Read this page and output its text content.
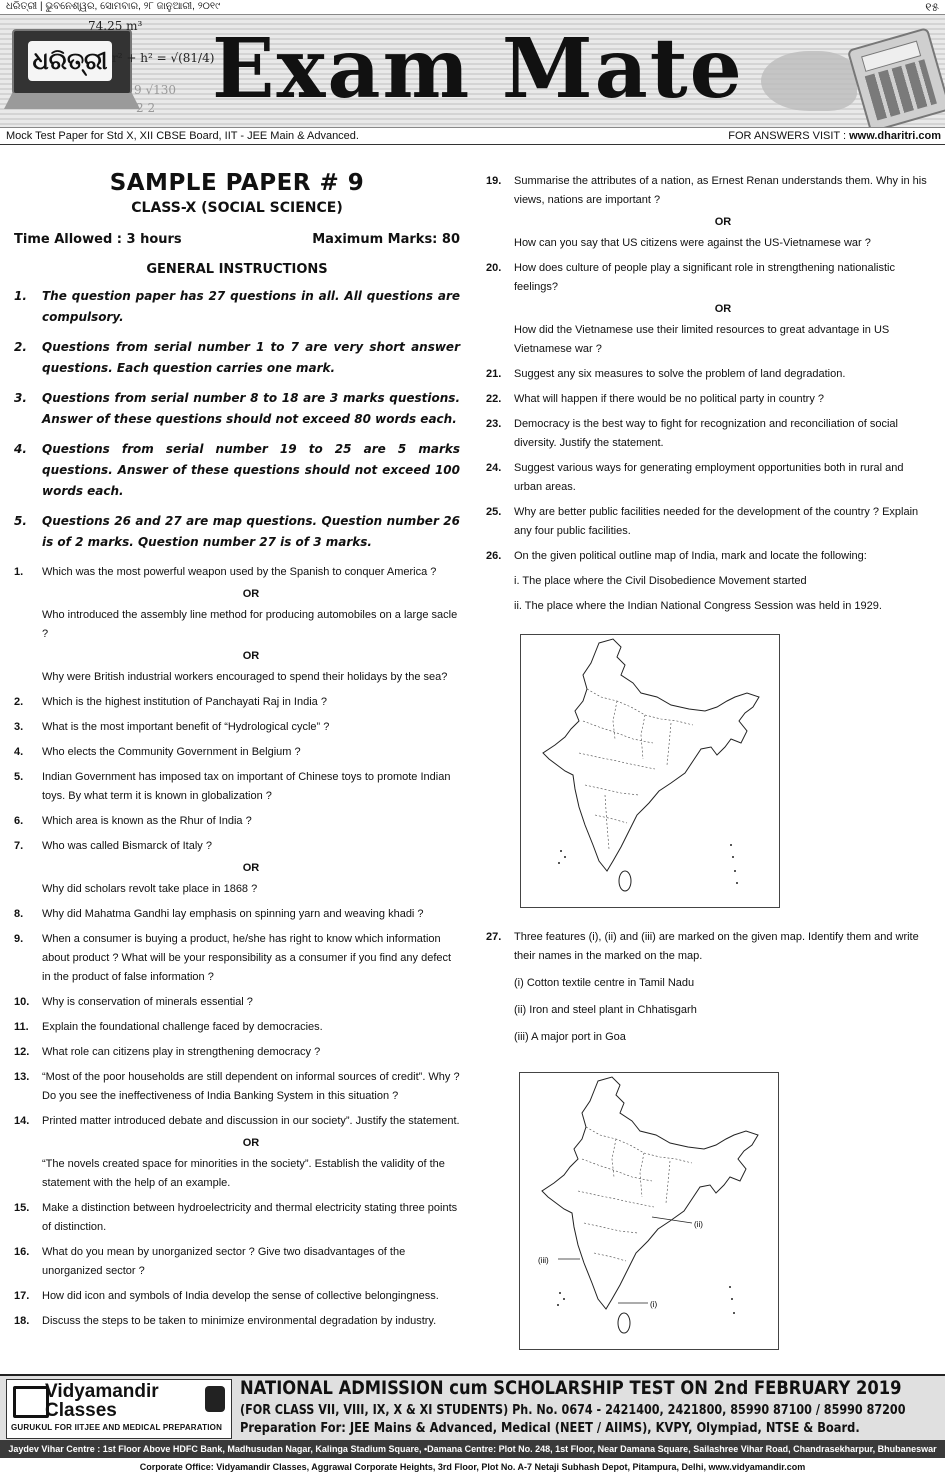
ଧରିତ୍ରୀ | ଭୁବନେଶ୍ୱର, ସୋମବାର, ୨୮ ଜାନୁଆରୀ, ୨୦୧୯	୧୫
ଧରିତ୍ରୀ
74.25 m³
r² + h² = √(81/4)
9 √130
2 2 Exam Mate
Mock Test Paper for Std X, XII CBSE Board, IIT - JEE Main & Advanced.	FOR ANSWERS VISIT : www.dharitri.com
SAMPLE PAPER # 9
CLASS-X (SOCIAL SCIENCE)
Time Allowed : 3 hours	Maximum Marks: 80
GENERAL INSTRUCTIONS
1.	The question paper has 27 questions in all. All questions are compulsory.
2.	Questions from serial number 1 to 7 are very short answer questions. Each question carries one mark.
3.	Questions from serial number 8 to 18 are 3 marks questions. Answer of these questions should not exceed 80 words each.
4.	Questions from serial number 19 to 25 are 5 marks questions. Answer of these questions should not exceed 100 words each.
5.	Questions 26 and 27 are map questions. Question number 26 is of 2 marks. Question number 27 is of 3 marks.
1.	Which was the most powerful weapon used by the Spanish to conquer America ?
OR
Who introduced the assembly line method for producing automobiles on a large sacle ?
OR
Why were British industrial workers encouraged to spend their holidays by the sea?
2.	Which is the highest institution of Panchayati Raj in India ?
3.	What is the most important benefit of “Hydrological cycle” ?
4.	Who elects the Community Government in Belgium ?
5.	Indian Government has imposed tax on important of Chinese toys to promote Indian toys. By what term it is known in globalization ?
6.	Which area is known as the Rhur of India ?
7.	Who was called Bismarck of Italy ?
OR
Why did scholars revolt take place in 1868 ?
8.	Why did Mahatma Gandhi lay emphasis on spinning yarn and weaving khadi ?
9.	When a consumer is buying a product, he/she has right to know which information about product ? What will be your responsibility as a consumer if you find any defect in the product of false information ?
10.	Why is conservation of minerals essential ?
11.	Explain the foundational challenge faced by democracies.
12.	What role can citizens play in strengthening democracy ?
13.	“Most of the poor households are still dependent on informal sources of credit”. Why ? Do you see the ineffectiveness of India Banking System in this situation ?
14.	Printed matter introduced debate and discussion in our society”. Justify the statement.
OR
“The novels created space for minorities in the society”. Establish the validity of the statement with the help of an example.
15.	Make a distinction between hydroelectricity and thermal electricity stating three points of distinction.
16.	What do you mean by unorganized sector ? Give two disadvantages of the unorganized sector ?
17.	How did icon and symbols of India develop the sense of collective belongingness.
18.	Discuss the steps to be taken to minimize environmental degradation by industry.
19.	Summarise the attributes of a nation, as Ernest Renan understands them. Why in his views, nations are important ?
OR
How can you say that US citizens were against the US-Vietnamese war ?
20.	How does culture of people play a significant role in strengthening nationalistic feelings?
OR
How did the Vietnamese use their limited resources to great advantage in US Vietnamese war ?
21.	Suggest any six measures to solve the problem of land degradation.
22.	What will happen if there would be no political party in country ?
23.	Democracy is the best way to fight for recognization and reconciliation of social diversity. Justify the statement.
24.	Suggest various ways for generating employment opportunities both in rural and urban areas.
25.	Why are better public facilities needed for the development of the country ? Explain any four public facilities.
26.	On the given political outline map of India, mark and locate the following:
i. The place where the Civil Disobedience Movement started
ii. The place where the Indian National Congress Session was held in 1929.
27.	Three features (i), (ii) and (iii) are marked on the given map. Identify them and write their names in the marked on the map.
(i) Cotton textile centre in Tamil Nadu
(ii) Iron and steel plant in Chhatisgarh
(iii) A major port in Goa
(ii)
(iii)
(i)
Vidyamandir
Classes
GURUKUL FOR IITJEE AND MEDICAL PREPARATION
NATIONAL ADMISSION cum SCHOLARSHIP TEST ON 2nd FEBRUARY 2019
(FOR CLASS VII, VIII, IX, X & XI STUDENTS) Ph. No. 0674 - 2421400, 2421800, 85990 87100 / 85990 87200
Preparation For: JEE Mains & Advanced, Medical (NEET / AIIMS), KVPY, Olympiad, NTSE & Board.
Jaydev Vihar Centre : 1st Floor Above HDFC Bank, Madhusudan Nagar, Kalinga Stadium Square, •Damana Centre: Plot No. 248, 1st Floor, Near Damana Square, Sailashree Vihar Road, Chandrasekharpur, Bhubaneswar
Corporate Office: Vidyamandir Classes, Aggrawal Corporate Heights, 3rd Floor, Plot No. A-7 Netaji Subhash Depot, Pitampura, Delhi, www.vidyamandir.com
